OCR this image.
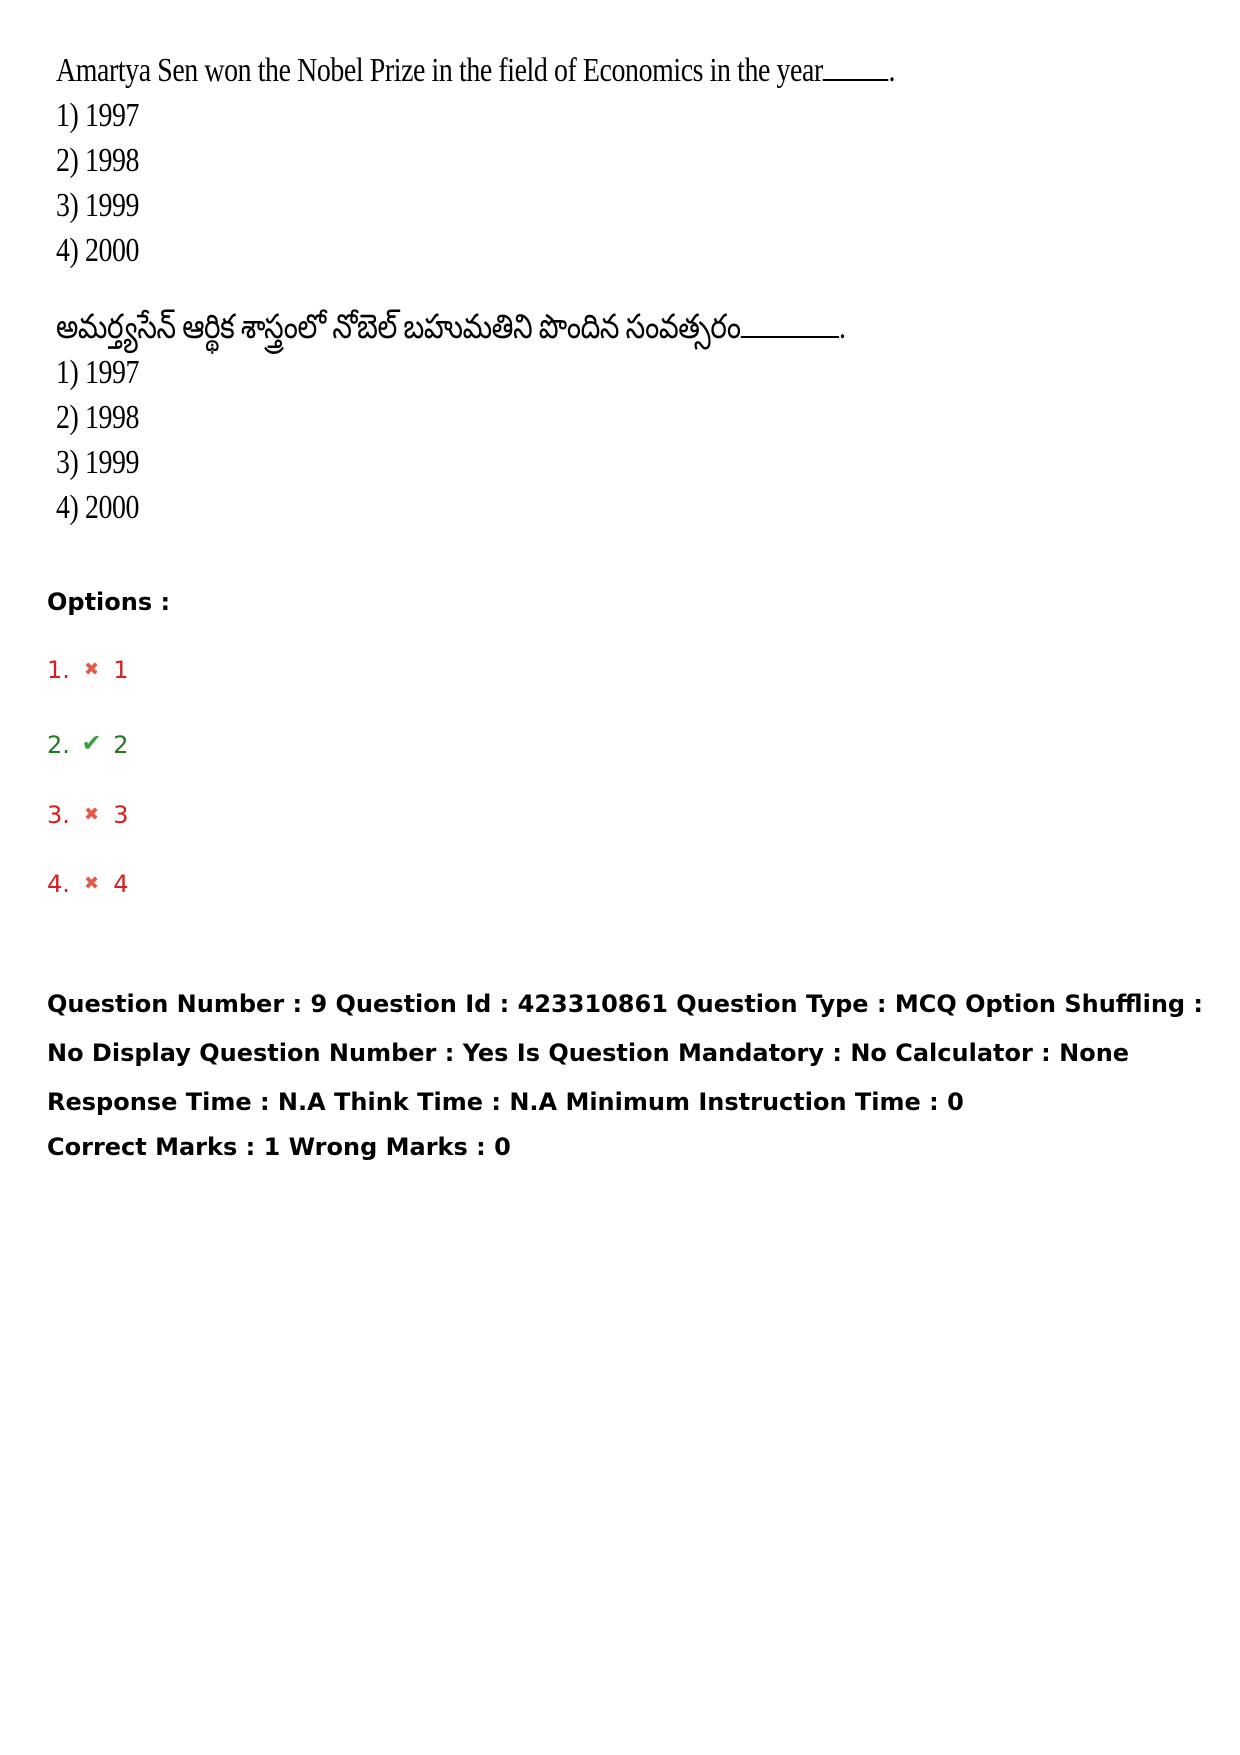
Amartya Sen won the Nobel Prize in the field of Economics in the year .
1) 1997
2) 1998
3) 1999
4) 2000
అమర్త్యసేన్ ఆర్థిక శాస్త్రంలో నోబెల్ బహుమతిని పొందిన సంవత్సరం	.
1) 1997
2) 1998
3) 1999
4) 2000
Options :
1. ✖ 1
2. ✔ 2
3. ✖ 3
4. ✖ 4
Question Number : 9 Question Id : 423310861 Question Type : MCQ Option Shuffling : No Display Question Number : Yes Is Question Mandatory : No Calculator : None Response Time : N.A Think Time : N.A Minimum Instruction Time : 0
Correct Marks : 1 Wrong Marks : 0
